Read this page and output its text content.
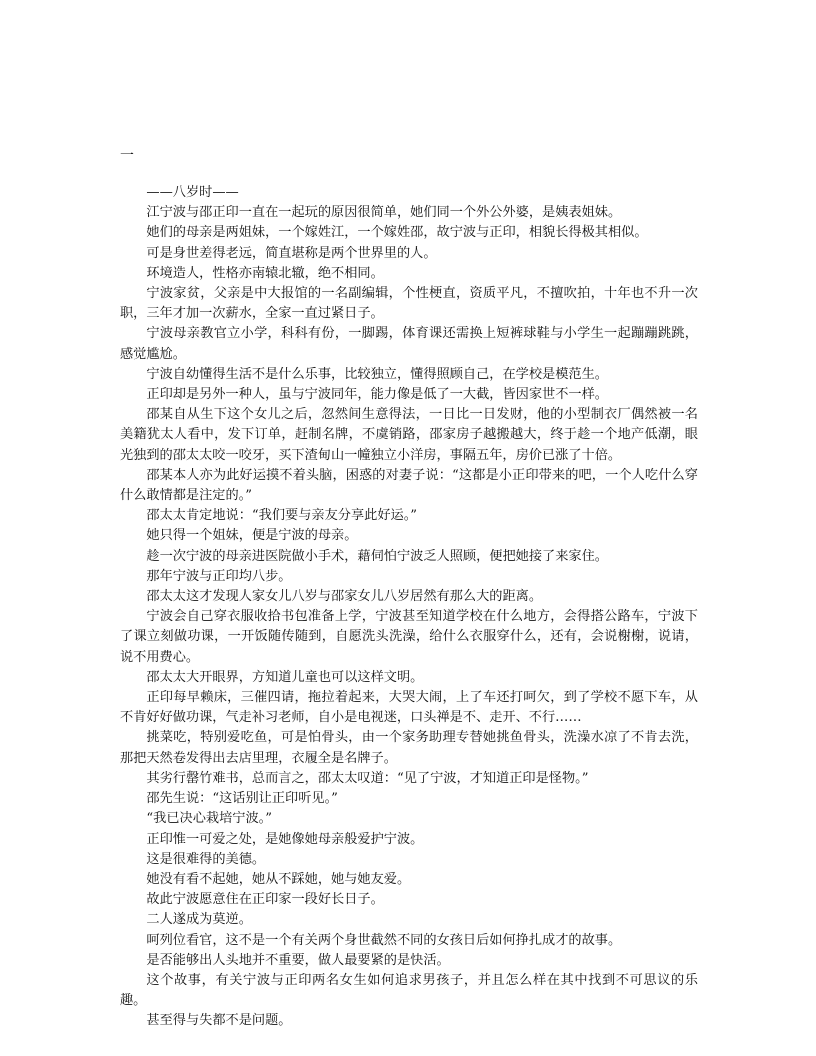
一

——八岁时——

江宁波与邵正印一直在一起玩的原因很简单，她们同一个外公外婆，是姨表姐妹。

她们的母亲是两姐妹，一个嫁姓江，一个嫁姓邵，故宁波与正印，相貌长得极其相似。

可是身世差得老远，简直堪称是两个世界里的人。

环境造人，性格亦南辕北辙，绝不相同。

宁波家贫，父亲是中大报馆的一名副编辑，个性梗直，资质平凡，不擅吹拍，十年也不升一次职，三年才加一次薪水，全家一直过紧日子。

宁波母亲教官立小学，科科有份，一脚踢，体育课还需换上短裤球鞋与小学生一起蹦蹦跳跳，感觉尴尬。

宁波自幼懂得生活不是什么乐事，比较独立，懂得照顾自己，在学校是模范生。

正印却是另外一种人，虽与宁波同年，能力像是低了一大截，皆因家世不一样。

邵某自从生下这个女儿之后，忽然间生意得法，一日比一日发财，他的小型制衣厂偶然被一名美籍犹太人看中，发下订单，赶制名牌，不虞销路，邵家房子越搬越大，终于趁一个地产低潮，眼光独到的邵太太咬一咬牙，买下渣甸山一幢独立小洋房，事隔五年，房价已涨了十倍。

邵某本人亦为此好运摸不着头脑，困惑的对妻子说：“这都是小正印带来的吧，一个人吃什么穿什么敢情都是注定的。”

邵太太肯定地说：“我们要与亲友分享此好运。”

她只得一个姐妹，便是宁波的母亲。

趁一次宁波的母亲进医院做小手术，藉伺怕宁波乏人照顾，便把她接了来家住。

那年宁波与正印均八步。

邵太太这才发现人家女儿八岁与邵家女儿八岁居然有那么大的距离。

宁波会自己穿衣服收拾书包准备上学，宁波甚至知道学校在什么地方，会得搭公路车，宁波下了课立刻做功课，一开饭随传随到，自愿洗头洗澡，给什么衣服穿什么，还有，会说榭榭，说请，说不用费心。

邵太太大开眼界，方知道儿童也可以这样文明。

正印每早赖床，三催四请，拖拉着起来，大哭大闹，上了车还打呵欠，到了学校不愿下车，从不肯好好做功课，气走补习老师，自小是电视迷，口头禅是不、走开、不行……

挑菜吃，特别爱吃鱼，可是怕骨头，由一个家务助理专替她挑鱼骨头，洗澡水凉了不肯去洗，那把天然卷发得出去店里理，衣履全是名牌子。

其劣行罄竹难书，总而言之，邵太太叹道：“见了宁波，才知道正印是怪物。”

邵先生说：“这话别让正印听见。”

“我已决心栽培宁波。”

正印惟一可爱之处，是她像她母亲般爱护宁波。

这是很难得的美德。

她没有看不起她，她从不踩她，她与她友爱。

故此宁波愿意住在正印家一段好长日子。

二人遂成为莫逆。

呵列位看官，这不是一个有关两个身世截然不同的女孩日后如何挣扎成才的故事。

是否能够出人头地并不重要，做人最要紧的是快活。

这个故事，有关宁波与正印两名女生如何追求男孩子，并且怎么样在其中找到不可思议的乐趣。

甚至得与失都不是问题。
